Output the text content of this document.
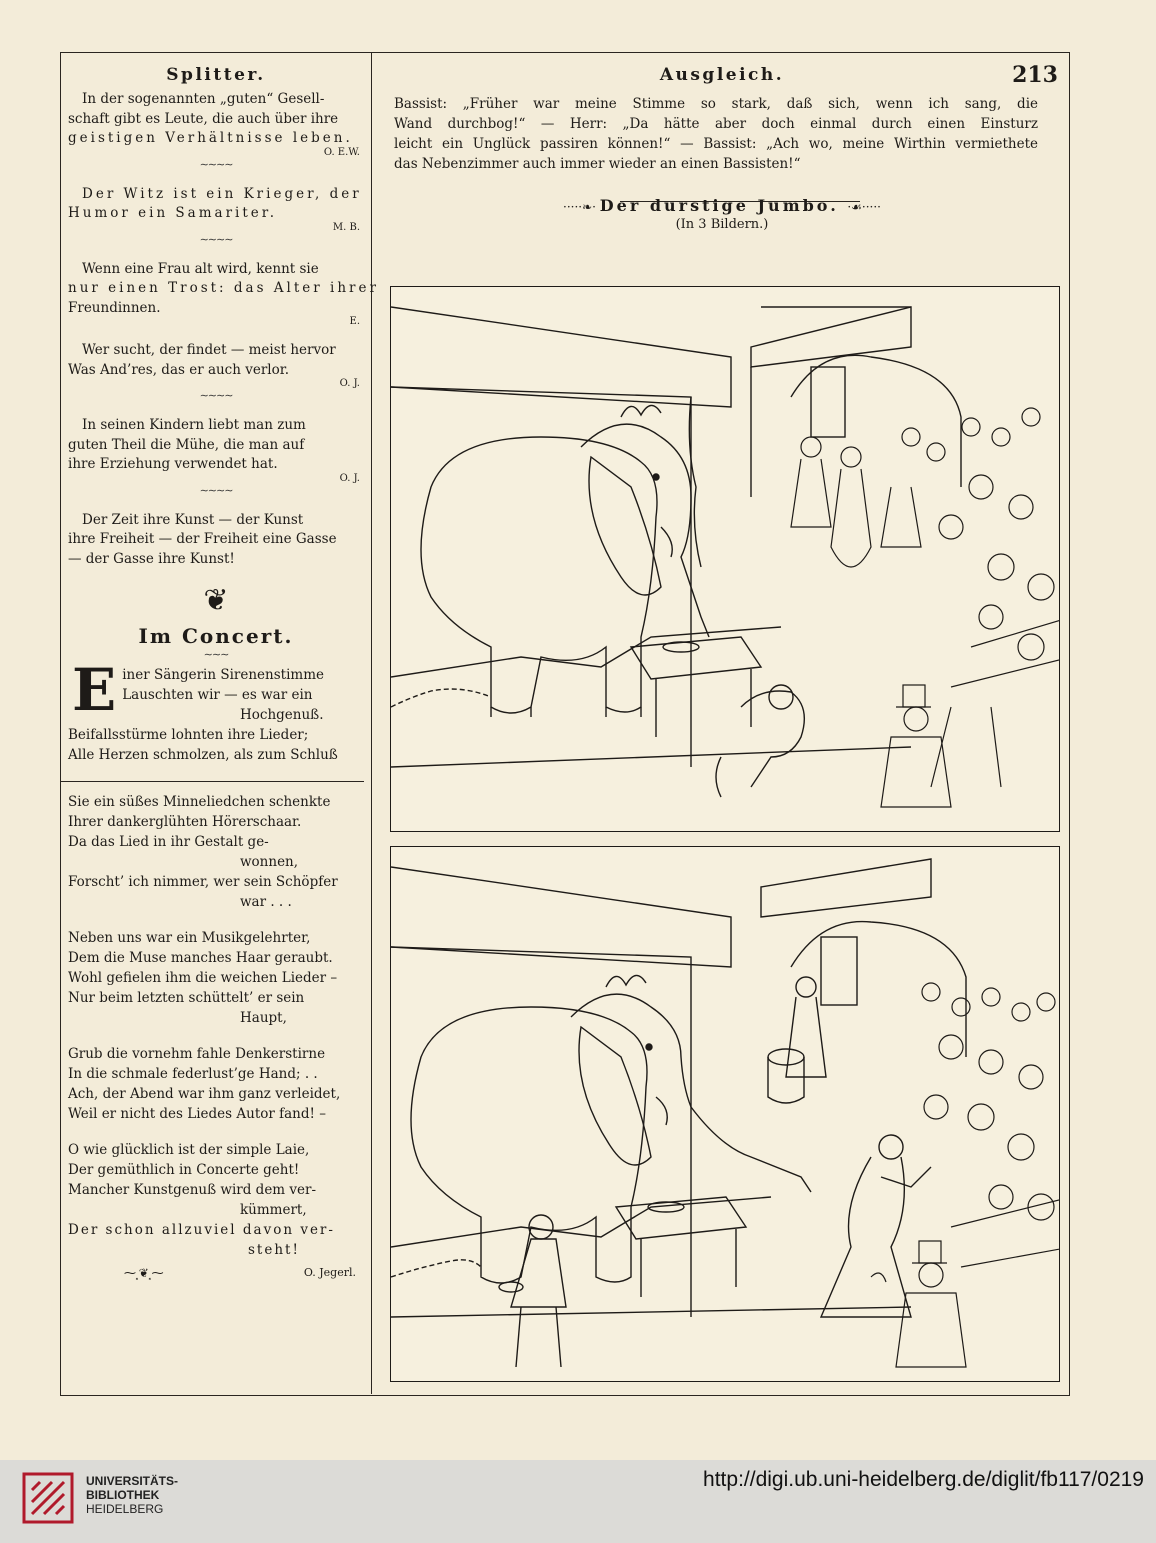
Splitter.

In der sogenannten „guten“ Gesell-
schaft gibt es Leute, die auch über ihre
geistigen Verhältnisse leben.

O. E.W.
∼∼∼∼

Der Witz ist ein Krieger, der
Humor ein Samariter.

M. B.
∼∼∼∼

Wenn eine Frau alt wird, kennt sie
nur einen Trost: das Alter ihrer
Freundinnen.

E.

Wer sucht, der findet — meist hervor
Was And’res, das er auch verlor.

O. J.
∼∼∼∼

In seinen Kindern liebt man zum
guten Theil die Mühe, die man auf
ihre Erziehung verwendet hat.

O. J.
∼∼∼∼

Der Zeit ihre Kunst — der Kunst
ihre Freiheit — der Freiheit eine Gasse
— der Gasse ihre Kunst!

❦
Im Concert.
∼∼∼
E iner Sängerin Sirenenstimme
Lauschten wir — es war ein
Hochgenuß.
Beifallsstürme lohnten ihre Lieder;
Alle Herzen schmolzen, als zum Schluß
Sie ein süßes Minneliedchen schenkte
Ihrer dankerglühten Hörerschaar.
Da das Lied in ihr Gestalt ge-
wonnen,
Forscht’ ich nimmer, wer sein Schöpfer
war . . .
Neben uns war ein Musikgelehrter,
Dem die Muse manches Haar geraubt.
Wohl gefielen ihm die weichen Lieder –
Nur beim letzten schüttelt’ er sein
Haupt,
Grub die vornehm fahle Denkerstirne
In die schmale federlust’ge Hand; . .
Ach, der Abend war ihm ganz verleidet,
Weil er nicht des Liedes Autor fand! –
O wie glücklich ist der simple Laie,
Der gemüthlich in Concerte geht!
Mancher Kunstgenuß wird dem ver-
kümmert,
Der schon allzuviel davon ver-
steht!
⁓⸼❦⸼⁓	O. Jegerl.
Ausgleich.	213
Bassist: „Früher war meine Stimme so stark, daß sich, wenn ich sang, die
Wand durchbog!“ — Herr: „Da hätte aber doch einmal durch einen Einsturz
leicht ein Unglück passiren können!“ — Bassist: „Ach wo, meine Wirthin vermiethete
das Nebenzimmer auch immer wieder an einen Bassisten!“
·····❧· Der durstige Jumbo. ·☙·····
(In 3 Bildern.)
UNIVERSITÄTS-
BIBLIOTHEK
HEIDELBERG
http://digi.ub.uni-heidelberg.de/diglit/fb117/0219
